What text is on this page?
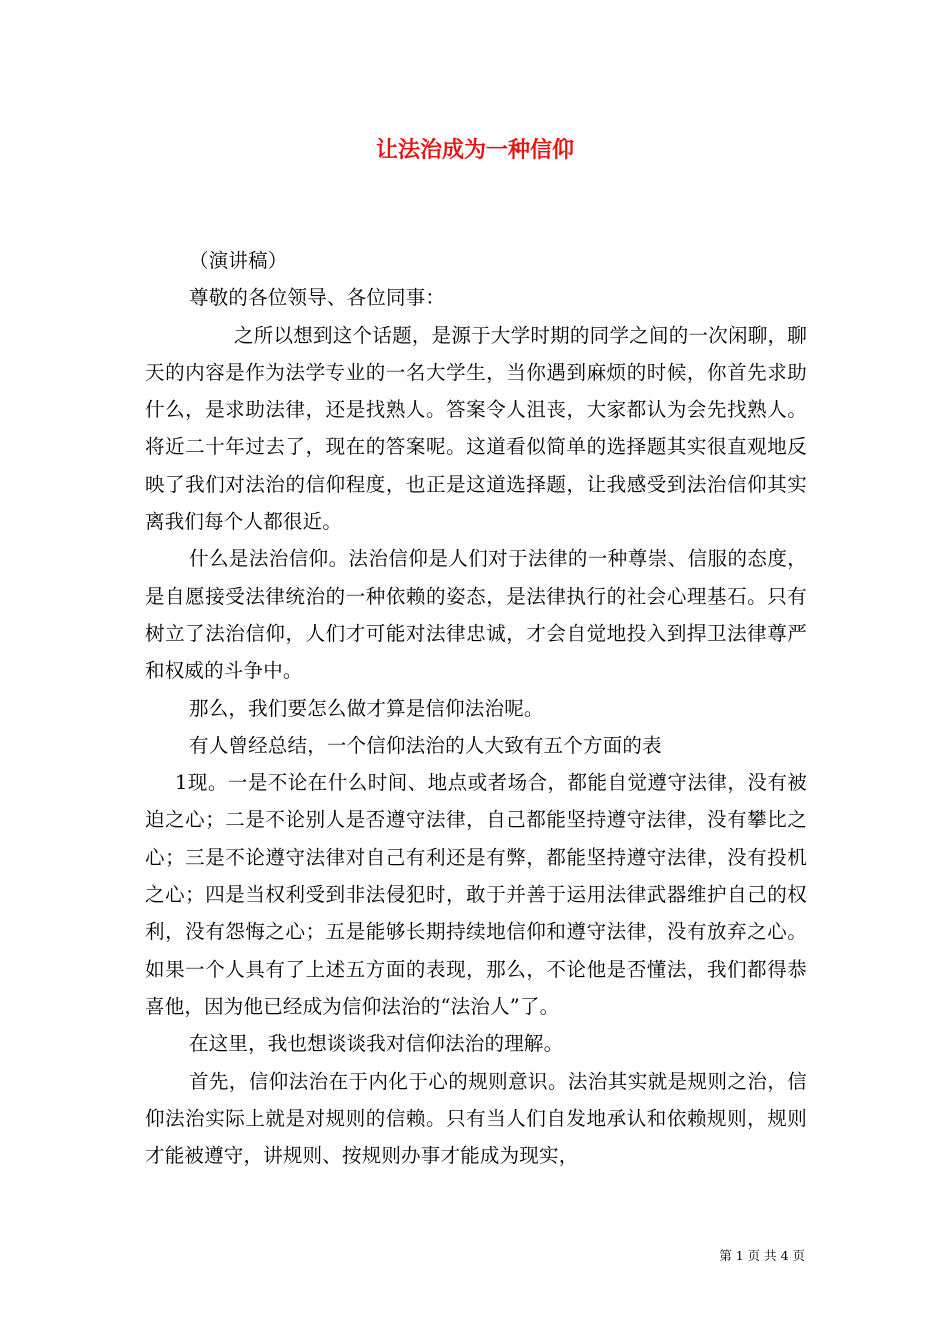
让法治成为一种信仰

（演讲稿）

尊敬的各位领导、各位同事：

之所以想到这个话题，是源于大学时期的同学之间的一次闲聊，聊天的内容是作为法学专业的一名大学生，当你遇到麻烦的时候，你首先求助什么，是求助法律，还是找熟人。答案令人沮丧，大家都认为会先找熟人。将近二十年过去了，现在的答案呢。这道看似简单的选择题其实很直观地反映了我们对法治的信仰程度，也正是这道选择题，让我感受到法治信仰其实离我们每个人都很近。

什么是法治信仰。法治信仰是人们对于法律的一种尊崇、信服的态度，是自愿接受法律统治的一种依赖的姿态，是法律执行的社会心理基石。只有树立了法治信仰，人们才可能对法律忠诚，才会自觉地投入到捍卫法律尊严和权威的斗争中。

那么，我们要怎么做才算是信仰法治呢。

有人曾经总结，一个信仰法治的人大致有五个方面的表

1现。一是不论在什么时间、地点或者场合，都能自觉遵守法律，没有被迫之心；二是不论别人是否遵守法律，自己都能坚持遵守法律，没有攀比之心；三是不论遵守法律对自己有利还是有弊，都能坚持遵守法律，没有投机之心；四是当权利受到非法侵犯时，敢于并善于运用法律武器维护自己的权利，没有怨悔之心；五是能够长期持续地信仰和遵守法律，没有放弃之心。如果一个人具有了上述五方面的表现，那么，不论他是否懂法，我们都得恭喜他，因为他已经成为信仰法治的“法治人”了。

在这里，我也想谈谈我对信仰法治的理解。

首先，信仰法治在于内化于心的规则意识。法治其实就是规则之治，信仰法治实际上就是对规则的信赖。只有当人们自发地承认和依赖规则，规则才能被遵守，讲规则、按规则办事才能成为现实，

第 1 页 共 4 页
